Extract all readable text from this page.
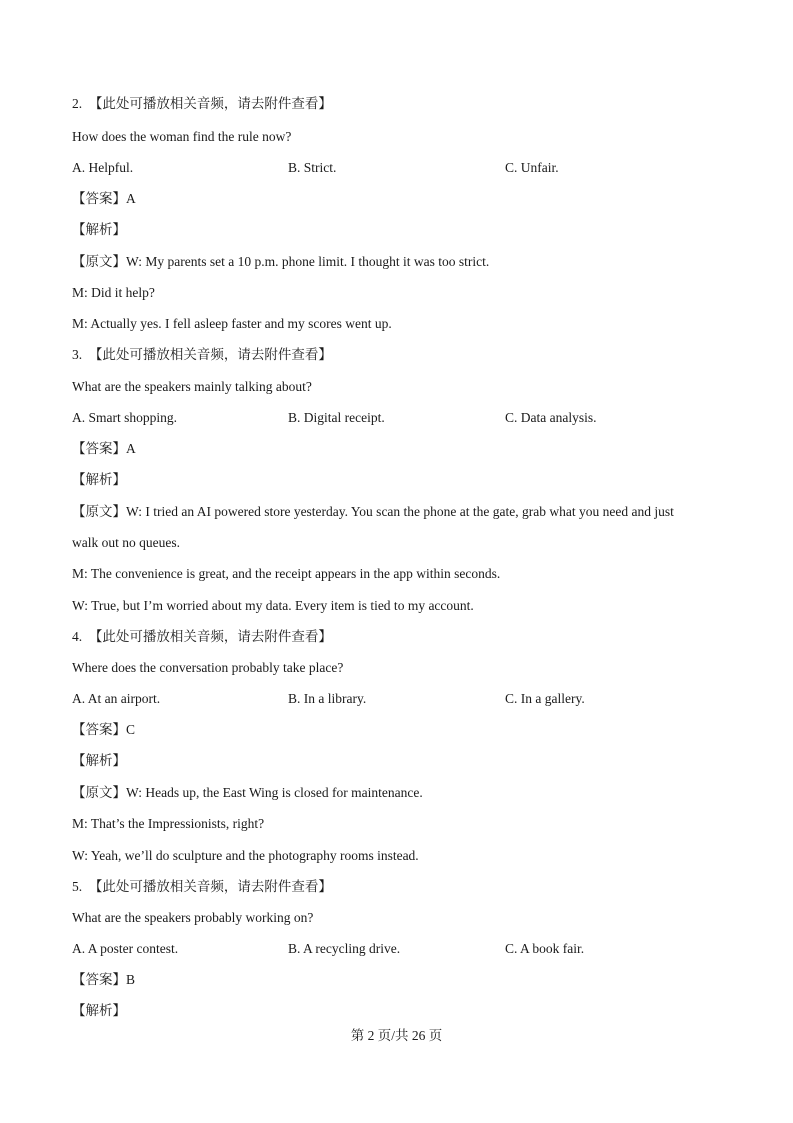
2.　【此处可播放相关音频，请去附件查看】
How does the woman find the rule now?
A. Helpful.	B. Strict.	C. Unfair.
【答案】A
【解析】
【原文】W: My parents set a 10 p.m. phone limit. I thought it was too strict.
M: Did it help?
M: Actually yes. I fell asleep faster and my scores went up.
3.　【此处可播放相关音频，请去附件查看】
What are the speakers mainly talking about?
A. Smart shopping.	B. Digital receipt.	C. Data analysis.
【答案】A
【解析】
【原文】W: I tried an AI powered store yesterday. You scan the phone at the gate, grab what you need and just
walk out no queues.
M: The convenience is great, and the receipt appears in the app within seconds.
W: True, but I’m worried about my data. Every item is tied to my account.
4.　【此处可播放相关音频，请去附件查看】
Where does the conversation probably take place?
A. At an airport.	B. In a library.	C. In a gallery.
【答案】C
【解析】
【原文】W: Heads up, the East Wing is closed for maintenance.
M: That’s the Impressionists, right?
W: Yeah, we’ll do sculpture and the photography rooms instead.
5.　【此处可播放相关音频，请去附件查看】
What are the speakers probably working on?
A. A poster contest.	B. A recycling drive.	C. A book fair.
【答案】B
【解析】
第 2 页/共 26 页
